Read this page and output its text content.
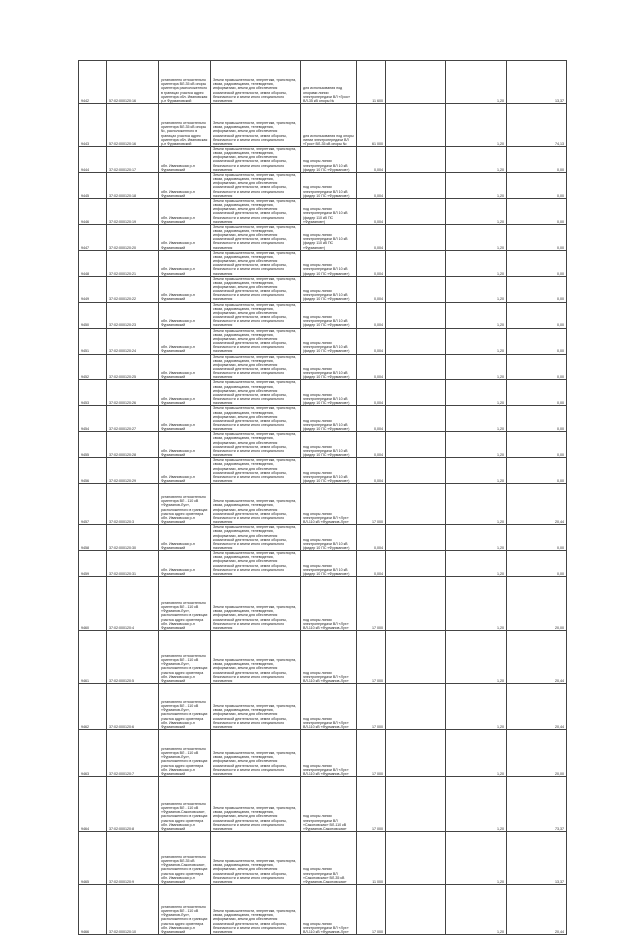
9442	57:02:000120:16	установлено относительно ориентира ВЛ-35 кВ опоры ориентира расположенного в границах участка адрес ориентира обл. Ивановская р-н Фурмановский	Земли промышленности, энергетики, транспорта, связи, радиовещания, телевидения, информатики, земли для обеспечения космической деятельности, земли обороны, безопасности и земли иного специального назначения	для использования под опорами линии электропередачи ВЛ «Грос» ВЛ-35 кВ опоры №	11 600		1,20	13,37
9443	57:02:000120:16	установлено относительно ориентира ВЛ-35 кВ опоры №, расположенного в границах участка адрес ориентира обл. Ивановская р-н Фурмановский	Земли промышленности, энергетики, транспорта, связи, радиовещания, телевидения, информатики, земли для обеспечения космической деятельности, земли обороны, безопасности и земли иного специального назначения	для использования под опоры линии электропередачи ВЛ «Грос» ВЛ-35 кВ опоры №	61 000		1,20	74,13
9444	37:02:000120:17	обл. Ивановская р-н Фурмановский	Земли промышленности, энергетики, транспорта, связи, радиовещания, телевидения, информатики, земли для обеспечения космической деятельности, земли обороны, безопасности и земли иного специального назначения	под опоры линии электропередачи ВЛ 10 кВ (фидер 10 ПС «Фурманов»)	0,004		1,20	0,00
9445	37:02:000120:18	обл. Ивановская р-н Фурмановский	Земли промышленности, энергетики, транспорта, связи, радиовещания, телевидения, информатики, земли для обеспечения космической деятельности, земли обороны, безопасности и земли иного специального назначения	под опоры линии электропередачи ВЛ 10 кВ (фидер 10 ПС «Фурманов»)	0,004		1,20	0,00
9446	37:02:000120:19	обл. Ивановская р-н Фурмановский	Земли промышленности, энергетики, транспорта, связи, радиовещания, телевидения, информатики, земли для обеспечения космической деятельности, земли обороны, безопасности и земли иного специального назначения	под опоры линии электропередачи ВЛ 10 кВ (фидер 110 кВ ПС «Фурманов»)	0,004		1,20	0,00
9447	37:02:000120:20	обл. Ивановская р-н Фурмановский	Земли промышленности, энергетики, транспорта, связи, радиовещания, телевидения, информатики, земли для обеспечения космической деятельности, земли обороны, безопасности и земли иного специального назначения	под опоры линии электропередачи ВЛ 10 кВ (фидер 110 кВ ПС «Фурманов»)	0,004		1,20	0,00
9448	37:02:000120:21	обл. Ивановская р-н Фурмановский	Земли промышленности, энергетики, транспорта, связи, радиовещания, телевидения, информатики, земли для обеспечения космической деятельности, земли обороны, безопасности и земли иного специального назначения	под опоры линии электропередачи ВЛ 10 кВ (фидер 10 ПС «Фурманов»)	0,004		1,20	0,00
9449	37:02:000120:22	обл. Ивановская р-н Фурмановский	Земли промышленности, энергетики, транспорта, связи, радиовещания, телевидения, информатики, земли для обеспечения космической деятельности, земли обороны, безопасности и земли иного специального назначения	под опоры линии электропередачи ВЛ 10 кВ (фидер 10 ПС «Фурманов»)	0,004		1,20	0,00
9450	37:02:000120:23	обл. Ивановская р-н Фурмановский	Земли промышленности, энергетики, транспорта, связи, радиовещания, телевидения, информатики, земли для обеспечения космической деятельности, земли обороны, безопасности и земли иного специального назначения	под опоры линии электропередачи ВЛ 10 кВ (фидер 10 ПС «Фурманов»)	0,004		1,20	0,00
9451	37:02:000120:24	обл. Ивановская р-н Фурмановский	Земли промышленности, энергетики, транспорта, связи, радиовещания, телевидения, информатики, земли для обеспечения космической деятельности, земли обороны, безопасности и земли иного специального назначения	под опоры линии электропередачи ВЛ 10 кВ (фидер 10 ПС «Фурманов»)	0,004		1,20	0,00
9452	37:02:000120:25	обл. Ивановская р-н Фурмановский	Земли промышленности, энергетики, транспорта, связи, радиовещания, телевидения, информатики, земли для обеспечения космической деятельности, земли обороны, безопасности и земли иного специального назначения	под опоры линии электропередачи ВЛ 10 кВ (фидер 10 ПС «Фурманов»)	0,004		1,20	0,00
9453	37:02:000120:26	обл. Ивановская р-н Фурмановский	Земли промышленности, энергетики, транспорта, связи, радиовещания, телевидения, информатики, земли для обеспечения космической деятельности, земли обороны, безопасности и земли иного специального назначения	под опоры линии электропередачи ВЛ 10 кВ (фидер 10 ПС «Фурманов»)	0,004		1,20	0,00
9454	37:02:000120:27	обл. Ивановская р-н Фурмановский	Земли промышленности, энергетики, транспорта, связи, радиовещания, телевидения, информатики, земли для обеспечения космической деятельности, земли обороны, безопасности и земли иного специального назначения	под опоры линии электропередачи ВЛ 10 кВ (фидер 10 ПС «Фурманов»)	0,004		1,20	0,00
9455	37:02:000120:28	обл. Ивановская р-н Фурмановский	Земли промышленности, энергетики, транспорта, связи, радиовещания, телевидения, информатики, земли для обеспечения космической деятельности, земли обороны, безопасности и земли иного специального назначения	под опоры линии электропередачи ВЛ 10 кВ (фидер 10 ПС «Фурманов»)	0,004		1,20	0,00
9456	37:02:000120:29	обл. Ивановская р-н Фурмановский	Земли промышленности, энергетики, транспорта, связи, радиовещания, телевидения, информатики, земли для обеспечения космической деятельности, земли обороны, безопасности и земли иного специального назначения	под опоры линии электропередачи ВЛ 10 кВ (фидер 10 ПС «Фурманов»)	0,004		1,20	0,00
9457	37:02:000120:3	установлено относительно ориентира ВЛ - 110 кВ «Фурманов-Лух», расположенного в границах участка адрес ориентира обл. Ивановская р-н Фурмановский	Земли промышленности, энергетики, транспорта, связи, радиовещания, телевидения, информатики, земли для обеспечения космической деятельности, земли обороны, безопасности и земли иного специального назначения	под опоры линии электропередачи ВЛ «Лух» ВЛ-110 кВ «Фурманов-Лух»	17 000		1,20	20,44
9458	37:02:000120:30	обл. Ивановская р-н Фурмановский	Земли промышленности, энергетики, транспорта, связи, радиовещания, телевидения, информатики, земли для обеспечения космической деятельности, земли обороны, безопасности и земли иного специального назначения	под опоры линии электропередачи ВЛ 10 кВ (фидер 10 ПС «Фурманов»)	0,004		1,20	0,00
9459	37:02:000120:31	обл. Ивановская р-н Фурмановский	Земли промышленности, энергетики, транспорта, связи, радиовещания, телевидения, информатики, земли для обеспечения космической деятельности, земли обороны, безопасности и земли иного специального назначения	под опоры линии электропередачи ВЛ 10 кВ (фидер 10 ПС «Фурманов»)	0,004		1,20	0,00
9460	37:02:000120:4	установлено относительно ориентира ВЛ - 110 кВ «Фурманов-Лух», расположенного в границах участка адрес ориентира обл. Ивановская р-н Фурмановский	Земли промышленности, энергетики, транспорта, связи, радиовещания, телевидения, информатики, земли для обеспечения космической деятельности, земли обороны, безопасности и земли иного специального назначения	под опоры линии электропередачи ВЛ «Лух» ВЛ-110 кВ «Фурманов-Лух»	17 000		1,20	20,00
9461	37:02:000120:5	установлено относительно ориентира ВЛ - 110 кВ «Фурманов-Лух», расположенного в границах участка адрес ориентира обл. Ивановская р-н Фурмановский	Земли промышленности, энергетики, транспорта, связи, радиовещания, телевидения, информатики, земли для обеспечения космической деятельности, земли обороны, безопасности и земли иного специального назначения	под опоры линии электропередачи ВЛ «Лух» ВЛ-110 кВ «Фурманов-Лух»	17 000		1,20	20,44
9462	37:02:000120:6	установлено относительно ориентира ВЛ - 110 кВ «Фурманов-Лух», расположенного в границах участка адрес ориентира обл. Ивановская р-н Фурмановский	Земли промышленности, энергетики, транспорта, связи, радиовещания, телевидения, информатики, земли для обеспечения космической деятельности, земли обороны, безопасности и земли иного специального назначения	под опоры линии электропередачи ВЛ «Лух» ВЛ-110 кВ «Фурманов-Лух»	17 000		1,20	20,44
9463	37:02:000120:7	установлено относительно ориентира ВЛ - 110 кВ «Фурманов-Лух», расположенного в границах участка адрес ориентира обл. Ивановская р-н Фурмановский	Земли промышленности, энергетики, транспорта, связи, радиовещания, телевидения, информатики, земли для обеспечения космической деятельности, земли обороны, безопасности и земли иного специального назначения	под опоры линии электропередачи ВЛ «Лух» ВЛ-110 кВ «Фурманов-Лух»	17 000		1,20	20,00
9464	37:02:000120:8	установлено относительно ориентира ВЛ - 110 кВ «Фурманов-Саконовская», расположенного в границах участка адрес ориентира обл. Ивановская р-н Фурмановский	Земли промышленности, энергетики, транспорта, связи, радиовещания, телевидения, информатики, земли для обеспечения космической деятельности, земли обороны, безопасности и земли иного специального назначения	под опоры линии электропередачи ВЛ «Саконовская» ВЛ-110 кВ «Фурманов-Саконовская»	17 000		1,20	73,37
9465	37:02:000120:9	установлено относительно ориентира ВЛ-35 кВ «Фурманов-Саконовская», расположенного в границах участка адрес ориентира обл. Ивановская р-н Фурмановский	Земли промышленности, энергетики, транспорта, связи, радиовещания, телевидения, информатики, земли для обеспечения космической деятельности, земли обороны, безопасности и земли иного специального назначения	под опоры линии электропередачи ВЛ «Саконовская» ВЛ-35 кВ «Фурманов-Саконовская»	11 000		1,20	13,37
9466	37:02:000120:10	установлено относительно ориентира ВЛ - 110 кВ «Фурманов-Лух», расположенного в границах участка адрес ориентира обл. Ивановская р-н Фурмановский	Земли промышленности, энергетики, транспорта, связи, радиовещания, телевидения, информатики, земли для обеспечения космической деятельности, земли обороны, безопасности и земли иного специального назначения	под опоры линии электропередачи ВЛ «Лух» ВЛ-110 кВ «Фурманов-Лух»	17 000		1,20	20,44
